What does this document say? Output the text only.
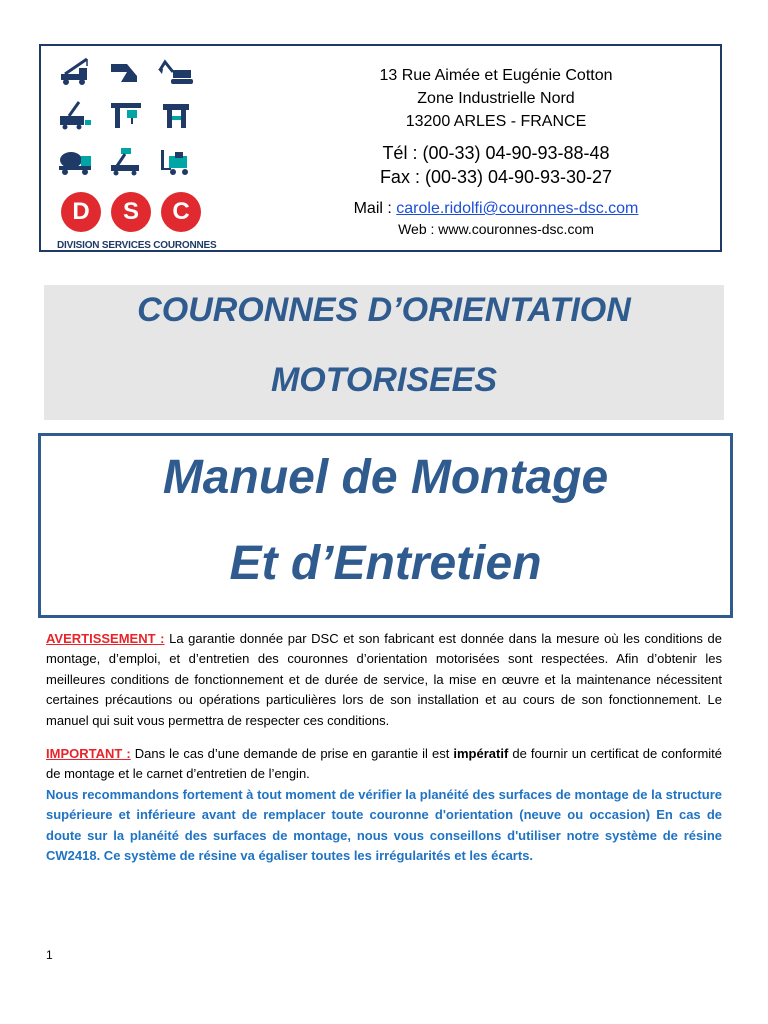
D	S	C
DIVISION SERVICES COURONNES
13 Rue Aimée et Eugénie Cotton
Zone Industrielle Nord
13200 ARLES - FRANCE
Tél : (00-33) 04-90-93-88-48
Fax : (00-33) 04-90-93-30-27
Mail : carole.ridolfi@couronnes-dsc.com
Web : www.couronnes-dsc.com
COURONNES D’ORIENTATION
MOTORISEES
Manuel de Montage
Et d’Entretien
AVERTISSEMENT : La garantie donnée par DSC et son fabricant est donnée dans la mesure où les conditions de montage, d’emploi, et d’entretien des couronnes d’orientation motorisées sont respectées. Afin d’obtenir les meilleures conditions de fonctionnement et de durée de service, la mise en œuvre et la maintenance nécessitent certaines précautions ou opérations particulières lors de son installation et au cours de son fonctionnement. Le manuel qui suit vous permettra de respecter ces conditions.
IMPORTANT : Dans le cas d’une demande de prise en garantie il est impératif de fournir un certificat de conformité de montage et le carnet d’entretien de l’engin.
Nous recommandons fortement à tout moment de vérifier la planéité des surfaces de montage de la structure supérieure et inférieure avant de remplacer toute couronne d'orientation (neuve ou occasion) En cas de doute sur la planéité des surfaces de montage, nous vous conseillons d'utiliser notre système de résine CW2418. Ce système de résine va égaliser toutes les irrégularités et les écarts.
1
